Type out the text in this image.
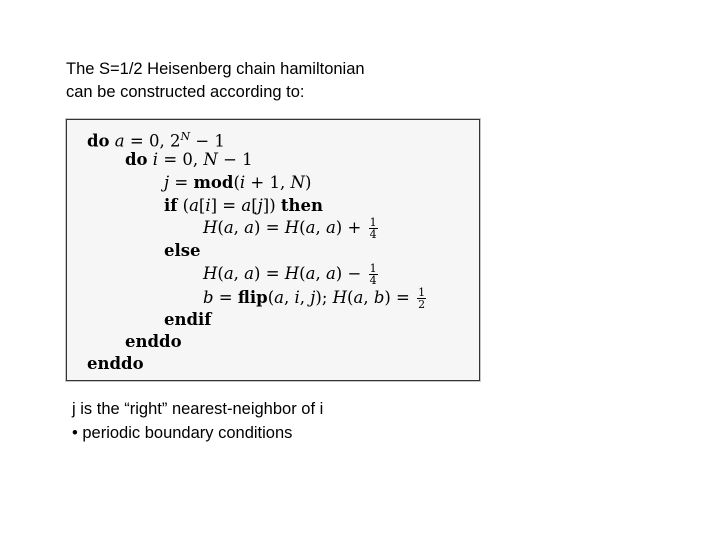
The S=1/2 Heisenberg chain hamiltonian
can be constructed according to:
do a = 0, $2^N - 1$
do i = 0, N − 1
j = mod(i + 1, N)
if (a[i] = a[j]) then
H(a, a) = H(a, $a) + \frac{1}{4}$
else
H(a, a) = H(a, $a) - \frac{1}{4}$
b = flip(a, i, j); H(a, $b) = \frac{1}{2}$
endif
enddo
enddo
j is the “right” nearest-neighbor of i
• periodic boundary conditions
